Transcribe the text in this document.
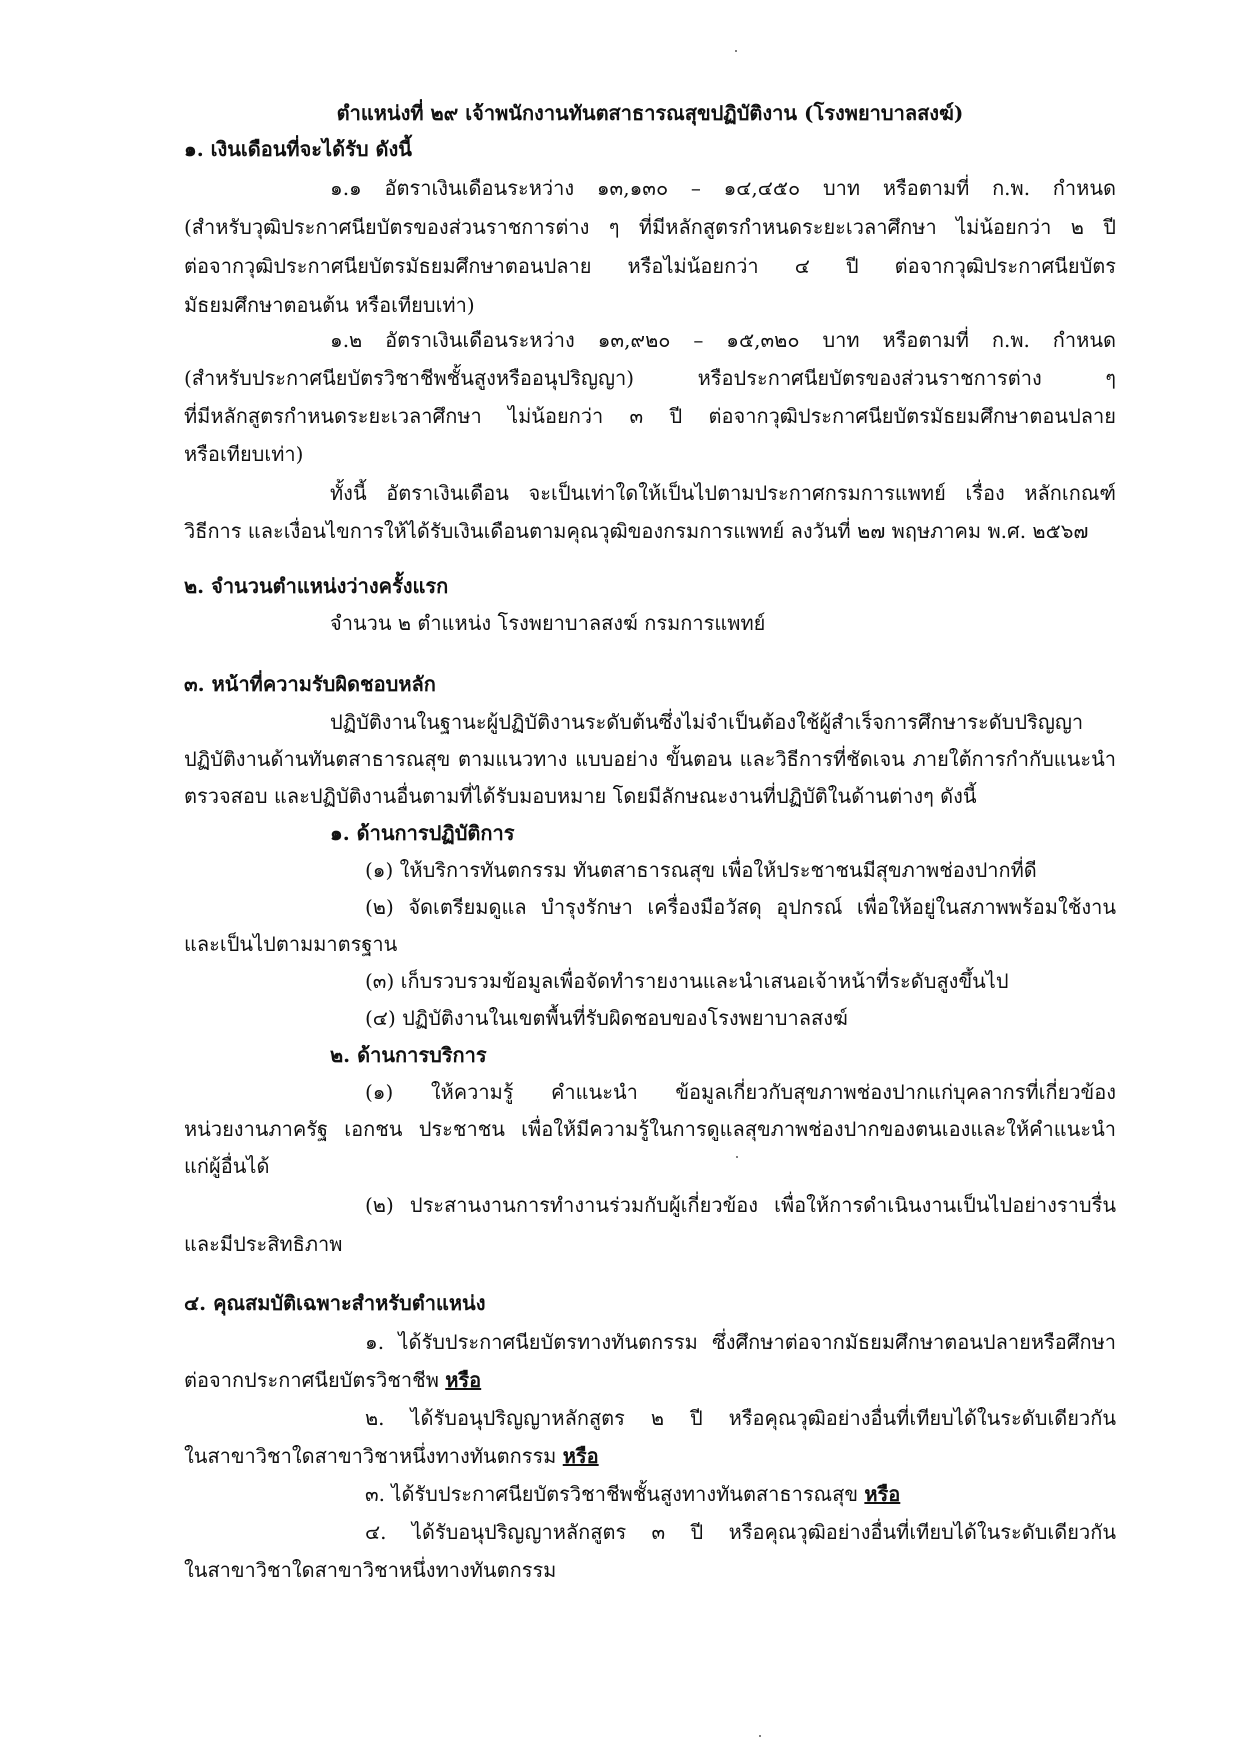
ตำแหน่งที่ ๒๙ เจ้าพนักงานทันตสาธารณสุขปฏิบัติงาน (โรงพยาบาลสงฆ์)

๑. เงินเดือนที่จะได้รับ ดังนี้

๑.๑ อัตราเงินเดือนระหว่าง ๑๓,๑๓๐ – ๑๔,๔๕๐ บาท หรือตามที่ ก.พ. กำหนด

(สำหรับวุฒิประกาศนียบัตรของส่วนราชการต่าง ๆ ที่มีหลักสูตรกำหนดระยะเวลาศึกษา ไม่น้อยกว่า ๒ ปี

ต่อจากวุฒิประกาศนียบัตรมัธยมศึกษาตอนปลาย หรือไม่น้อยกว่า ๔ ปี ต่อจากวุฒิประกาศนียบัตร

มัธยมศึกษาตอนต้น หรือเทียบเท่า)

๑.๒ อัตราเงินเดือนระหว่าง ๑๓,๙๒๐ – ๑๕,๓๒๐ บาท หรือตามที่ ก.พ. กำหนด

(สำหรับประกาศนียบัตรวิชาชีพชั้นสูงหรืออนุปริญญา) หรือประกาศนียบัตรของส่วนราชการต่าง ๆ

ที่มีหลักสูตรกำหนดระยะเวลาศึกษา ไม่น้อยกว่า ๓ ปี ต่อจากวุฒิประกาศนียบัตรมัธยมศึกษาตอนปลาย

หรือเทียบเท่า)

ทั้งนี้ อัตราเงินเดือน จะเป็นเท่าใดให้เป็นไปตามประกาศกรมการแพทย์ เรื่อง หลักเกณฑ์

วิธีการ และเงื่อนไขการให้ได้รับเงินเดือนตามคุณวุฒิของกรมการแพทย์ ลงวันที่ ๒๗ พฤษภาคม พ.ศ. ๒๕๖๗

๒. จำนวนตำแหน่งว่างครั้งแรก

จำนวน ๒ ตำแหน่ง โรงพยาบาลสงฆ์ กรมการแพทย์

๓. หน้าที่ความรับผิดชอบหลัก

ปฏิบัติงานในฐานะผู้ปฏิบัติงานระดับต้นซึ่งไม่จำเป็นต้องใช้ผู้สำเร็จการศึกษาระดับปริญญา

ปฏิบัติงานด้านทันตสาธารณสุข ตามแนวทาง แบบอย่าง ขั้นตอน และวิธีการที่ชัดเจน ภายใต้การกำกับแนะนำ

ตรวจสอบ และปฏิบัติงานอื่นตามที่ได้รับมอบหมาย โดยมีลักษณะงานที่ปฏิบัติในด้านต่างๆ ดังนี้

๑. ด้านการปฏิบัติการ

(๑) ให้บริการทันตกรรม ทันตสาธารณสุข เพื่อให้ประชาชนมีสุขภาพช่องปากที่ดี

(๒) จัดเตรียมดูแล บำรุงรักษา เครื่องมือวัสดุ อุปกรณ์ เพื่อให้อยู่ในสภาพพร้อมใช้งาน

และเป็นไปตามมาตรฐาน

(๓) เก็บรวบรวมข้อมูลเพื่อจัดทำรายงานและนำเสนอเจ้าหน้าที่ระดับสูงขึ้นไป

(๔) ปฏิบัติงานในเขตพื้นที่รับผิดชอบของโรงพยาบาลสงฆ์

๒. ด้านการบริการ

(๑) ให้ความรู้ คำแนะนำ ข้อมูลเกี่ยวกับสุขภาพช่องปากแก่บุคลากรที่เกี่ยวข้อง

หน่วยงานภาครัฐ เอกชน ประชาชน เพื่อให้มีความรู้ในการดูแลสุขภาพช่องปากของตนเองและให้คำแนะนำ

แก่ผู้อื่นได้

(๒) ประสานงานการทำงานร่วมกับผู้เกี่ยวข้อง เพื่อให้การดำเนินงานเป็นไปอย่างราบรื่น

และมีประสิทธิภาพ

๔. คุณสมบัติเฉพาะสำหรับตำแหน่ง

๑. ได้รับประกาศนียบัตรทางทันตกรรม ซึ่งศึกษาต่อจากมัธยมศึกษาตอนปลายหรือศึกษา

ต่อจากประกาศนียบัตรวิชาชีพ หรือ

๒. ได้รับอนุปริญญาหลักสูตร ๒ ปี หรือคุณวุฒิอย่างอื่นที่เทียบได้ในระดับเดียวกัน

ในสาขาวิชาใดสาขาวิชาหนึ่งทางทันตกรรม หรือ

๓. ได้รับประกาศนียบัตรวิชาชีพชั้นสูงทางทันตสาธารณสุข หรือ

๔. ได้รับอนุปริญญาหลักสูตร ๓ ปี หรือคุณวุฒิอย่างอื่นที่เทียบได้ในระดับเดียวกัน

ในสาขาวิชาใดสาขาวิชาหนึ่งทางทันตกรรม
